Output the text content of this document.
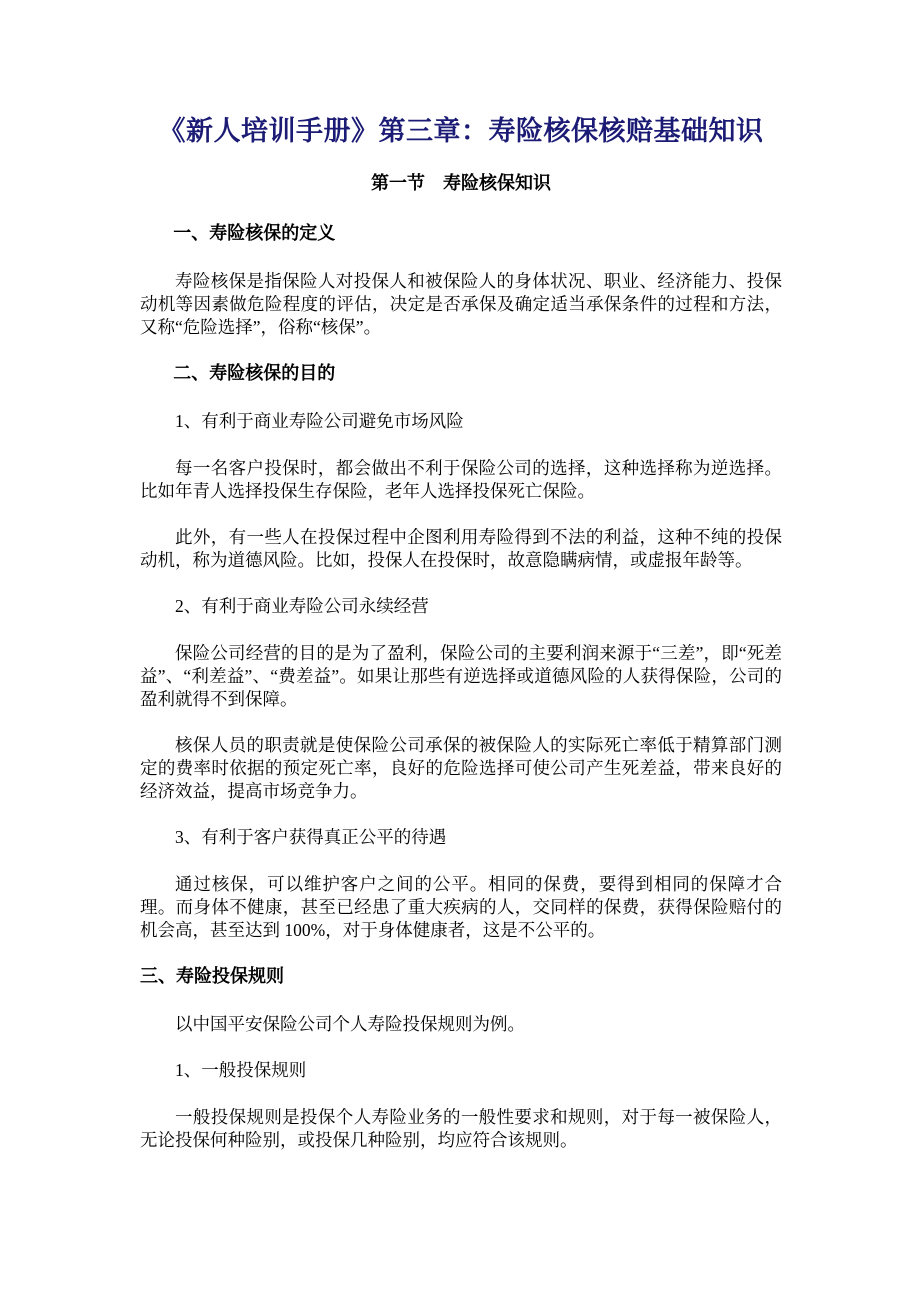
《新人培训手册》第三章：寿险核保核赔基础知识
第一节　寿险核保知识
一、寿险核保的定义
寿险核保是指保险人对投保人和被保险人的身体状况、职业、经济能力、投保动机等因素做危险程度的评估，决定是否承保及确定适当承保条件的过程和方法，又称“危险选择”，俗称“核保”。
二、寿险核保的目的
1、有利于商业寿险公司避免市场风险
每一名客户投保时，都会做出不利于保险公司的选择，这种选择称为逆选择。比如年青人选择投保生存保险，老年人选择投保死亡保险。
此外，有一些人在投保过程中企图利用寿险得到不法的利益，这种不纯的投保动机，称为道德风险。比如，投保人在投保时，故意隐瞒病情，或虚报年龄等。
2、有利于商业寿险公司永续经营
保险公司经营的目的是为了盈利，保险公司的主要利润来源于“三差”，即“死差益”、“利差益”、“费差益”。如果让那些有逆选择或道德风险的人获得保险，公司的盈利就得不到保障。
核保人员的职责就是使保险公司承保的被保险人的实际死亡率低于精算部门测定的费率时依据的预定死亡率，良好的危险选择可使公司产生死差益，带来良好的经济效益，提高市场竞争力。
3、有利于客户获得真正公平的待遇
通过核保，可以维护客户之间的公平。相同的保费，要得到相同的保障才合理。而身体不健康，甚至已经患了重大疾病的人，交同样的保费，获得保险赔付的机会高，甚至达到 100%，对于身体健康者，这是不公平的。
三、寿险投保规则
以中国平安保险公司个人寿险投保规则为例。
1、一般投保规则
一般投保规则是投保个人寿险业务的一般性要求和规则，对于每一被保险人，无论投保何种险别，或投保几种险别，均应符合该规则。
